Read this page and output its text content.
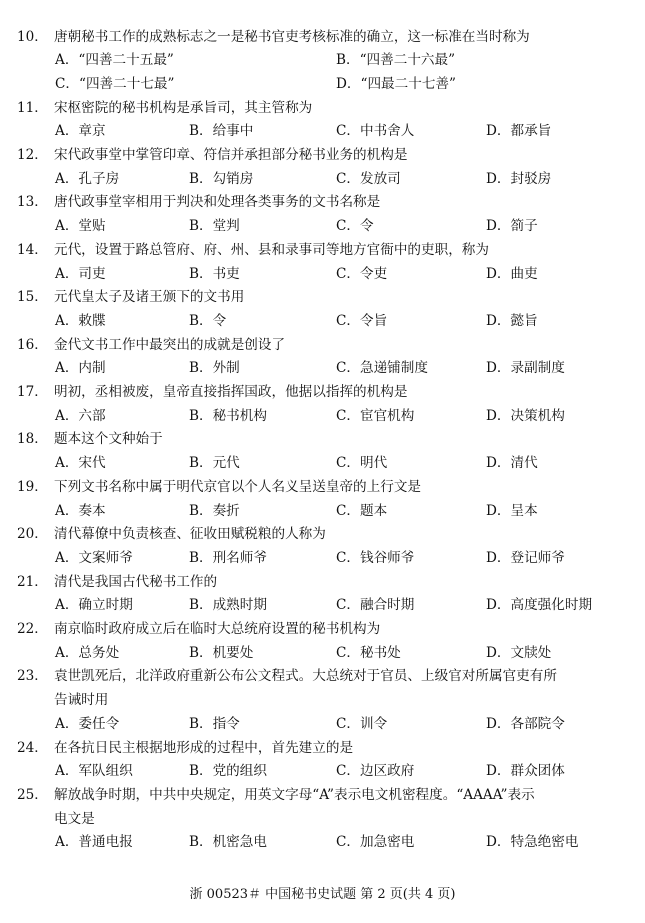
10． 唐朝秘书工作的成熟标志之一是秘书官吏考核标准的确立，这一标准在当时称为
A．“四善二十五最”	B．“四善二十六最”
C．“四善二十七最”	D．“四最二十七善”
11． 宋枢密院的秘书机构是承旨司，其主管称为
A．章京	B．给事中	C．中书舍人	D．都承旨
12． 宋代政事堂中掌管印章、符信并承担部分秘书业务的机构是
A．孔子房	B．勾销房	C．发放司	D．封驳房
13． 唐代政事堂宰相用于判决和处理各类事务的文书名称是
A．堂贴	B．堂判	C．令	D．箚子
14． 元代，设置于路总管府、府、州、县和录事司等地方官衙中的吏职，称为
A．司吏	B．书吏	C．令吏	D．曲吏
15． 元代皇太子及诸王颁下的文书用
A．敕牒	B．令	C．令旨	D．懿旨
16． 金代文书工作中最突出的成就是创设了
A．内制	B．外制	C．急递铺制度	D．录副制度
17． 明初，丞相被废，皇帝直接指挥国政，他据以指挥的机构是
A．六部	B．秘书机构	C．宦官机构	D．决策机构
18． 题本这个文种始于
A．宋代	B．元代	C．明代	D．清代
19． 下列文书名称中属于明代京官以个人名义呈送皇帝的上行文是
A．奏本	B．奏折	C．题本	D．呈本
20． 清代幕僚中负责核查、征收田赋税粮的人称为
A．文案师爷	B．刑名师爷	C．钱谷师爷	D．登记师爷
21． 清代是我国古代秘书工作的
A．确立时期	B．成熟时期	C．融合时期	D．高度强化时期
22． 南京临时政府成立后在临时大总统府设置的秘书机构为
A．总务处	B．机要处	C．秘书处	D．文牍处
23． 袁世凯死后，北洋政府重新公布公文程式。大总统对于官员、上级官对所属官吏有所
告诫时用
A．委任令	B．指令	C．训令	D．各部院令
24． 在各抗日民主根据地形成的过程中，首先建立的是
A．军队组织	B．党的组织	C．边区政府	D．群众团体
25． 解放战争时期，中共中央规定，用英文字母“A”表示电文机密程度。“AAAA”表示
电文是
A．普通电报	B．机密急电	C．加急密电	D．特急绝密电
浙 00523＃ 中国秘书史试题 第 2 页(共 4 页)
